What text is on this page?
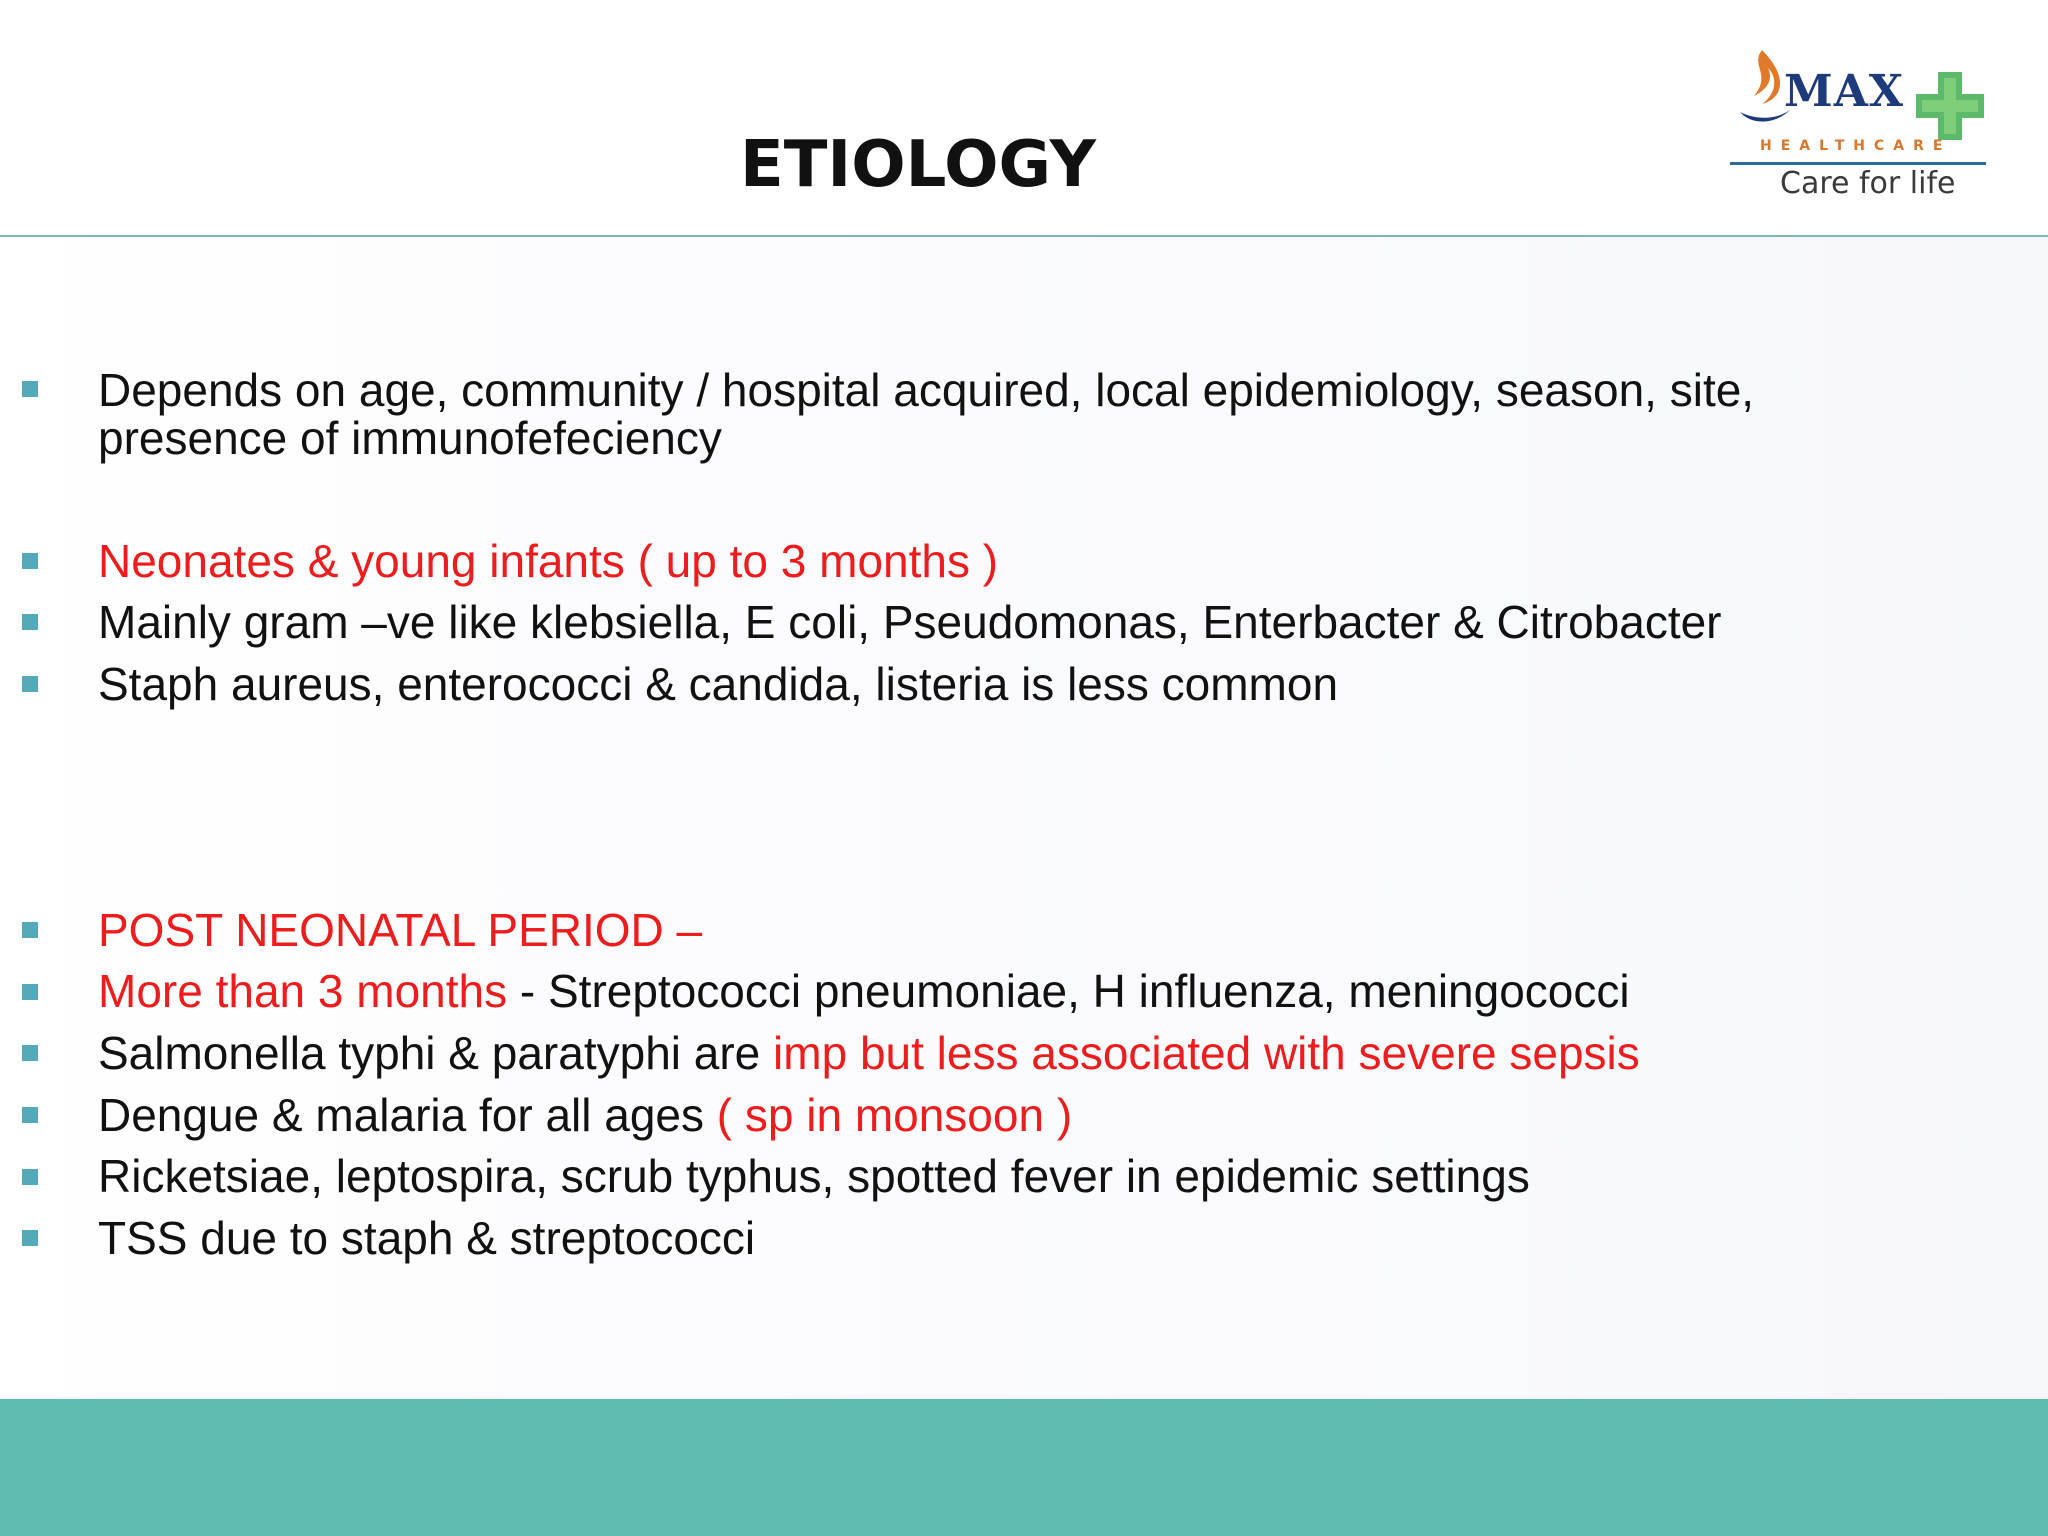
ETIOLOGY
MAX
HEALTHCARE
Care for life
Depends on age, community / hospital acquired, local epidemiology, season, site,
presence of immunofefeciency
Neonates & young infants ( up to 3 months )
Mainly gram –ve like klebsiella, E coli, Pseudomonas, Enterbacter & Citrobacter
Staph aureus, enterococci & candida, listeria is less common
POST NEONATAL PERIOD –
More than 3 months - Streptococci pneumoniae, H influenza, meningococci
Salmonella typhi & paratyphi are imp but less associated with severe sepsis
Dengue & malaria for all ages ( sp in monsoon )
Ricketsiae, leptospira, scrub typhus, spotted fever in epidemic settings
TSS due to staph & streptococci
